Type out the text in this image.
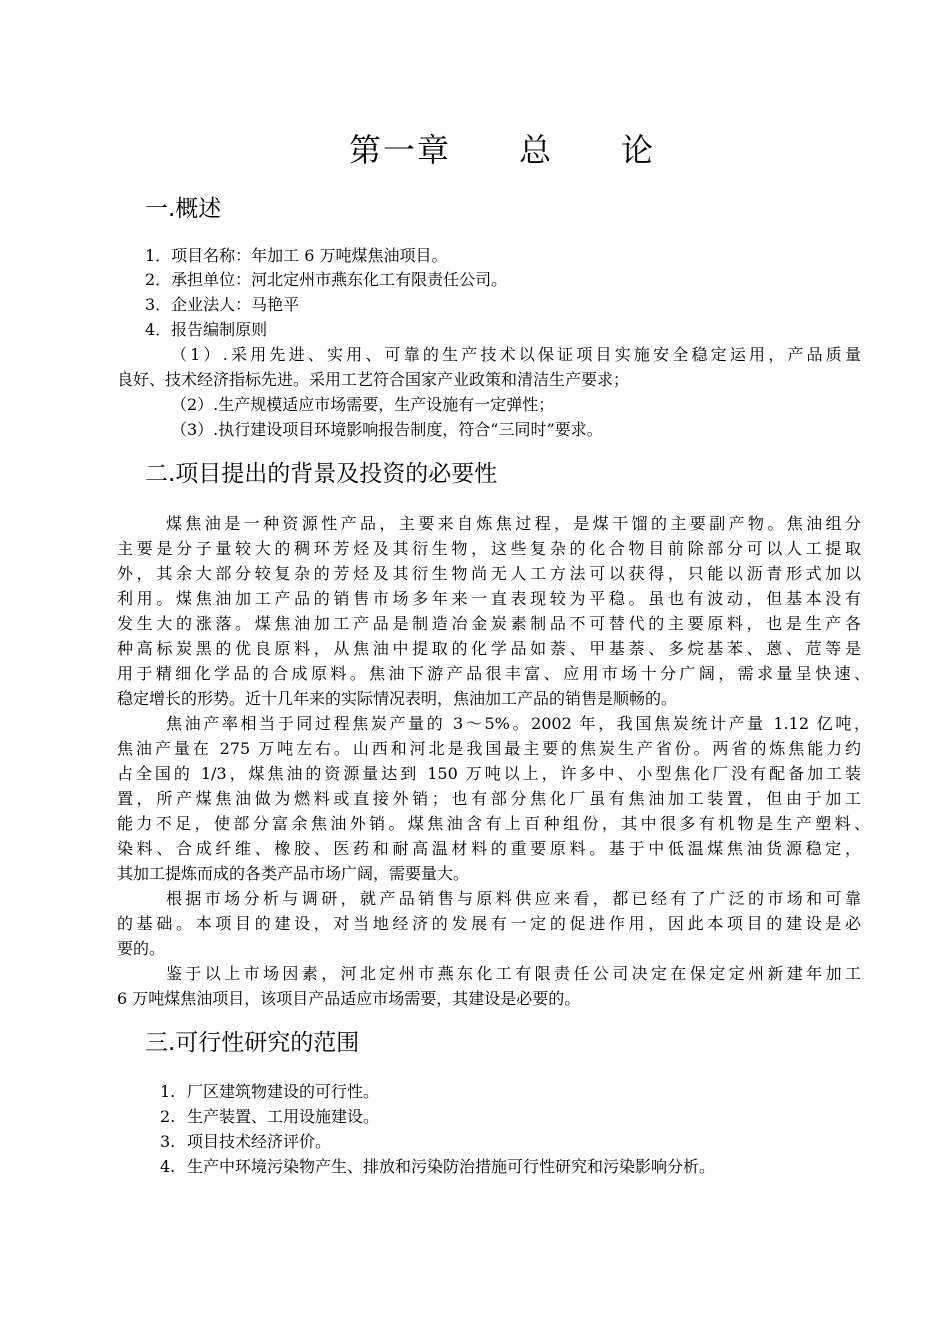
第一章　　总　　论
一.概述
1．项目名称：年加工 6 万吨煤焦油项目。
2．承担单位：河北定州市燕东化工有限责任公司。
3．企业法人：马艳平
4．报告编制原则
（1）.采用先进、实用、可靠的生产技术以保证项目实施安全稳定运用，产品质量
良好、技术经济指标先进。采用工艺符合国家产业政策和清洁生产要求；
（2）.生产规模适应市场需要，生产设施有一定弹性；
（3）.执行建设项目环境影响报告制度，符合“三同时”要求。
二.项目提出的背景及投资的必要性
煤焦油是一种资源性产品，主要来自炼焦过程，是煤干馏的主要副产物。焦油组分
主要是分子量较大的稠环芳烃及其衍生物，这些复杂的化合物目前除部分可以人工提取
外，其余大部分较复杂的芳烃及其衍生物尚无人工方法可以获得，只能以沥青形式加以
利用。煤焦油加工产品的销售市场多年来一直表现较为平稳。虽也有波动，但基本没有
发生大的涨落。煤焦油加工产品是制造冶金炭素制品不可替代的主要原料，也是生产各
种高标炭黑的优良原料，从焦油中提取的化学品如萘、甲基萘、多烷基苯、蒽、苊等是
用于精细化学品的合成原料。焦油下游产品很丰富、应用市场十分广阔，需求量呈快速、
稳定增长的形势。近十几年来的实际情况表明，焦油加工产品的销售是顺畅的。
焦油产率相当于同过程焦炭产量的 3～5%。2002 年，我国焦炭统计产量 1.12 亿吨，
焦油产量在 275 万吨左右。山西和河北是我国最主要的焦炭生产省份。两省的炼焦能力约
占全国的 1/3，煤焦油的资源量达到 150 万吨以上，许多中、小型焦化厂没有配备加工装
置，所产煤焦油做为燃料或直接外销；也有部分焦化厂虽有焦油加工装置，但由于加工
能力不足，使部分富余焦油外销。煤焦油含有上百种组份，其中很多有机物是生产塑料、
染料、合成纤维、橡胶、医药和耐高温材料的重要原料。基于中低温煤焦油货源稳定，
其加工提炼而成的各类产品市场广阔，需要量大。
根据市场分析与调研，就产品销售与原料供应来看，都已经有了广泛的市场和可靠
的基础。本项目的建设，对当地经济的发展有一定的促进作用，因此本项目的建设是必
要的。
鉴于以上市场因素，河北定州市燕东化工有限责任公司决定在保定定州新建年加工
6 万吨煤焦油项目，该项目产品适应市场需要，其建设是必要的。
三.可行性研究的范围
1. 厂区建筑物建设的可行性。
2. 生产装置、工用设施建设。
3. 项目技术经济评价。
4. 生产中环境污染物产生、排放和污染防治措施可行性研究和污染影响分析。
